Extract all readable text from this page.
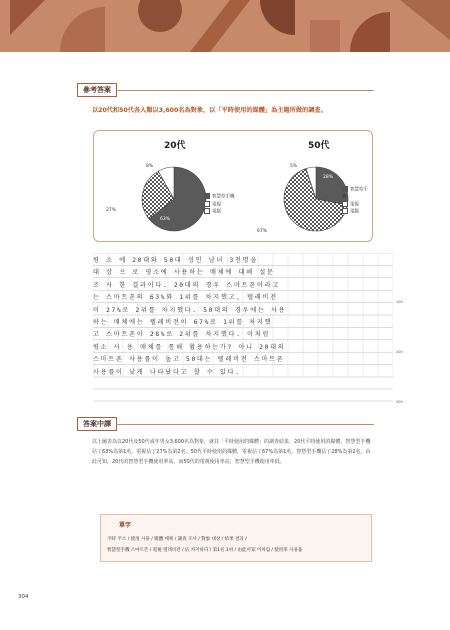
參考答案
以20代和50代各人類以3,600名為對象，以「平時使用的媒體」為主題所做的調查。
20代	50代
8%
27%
63%
5%
28%
67%
智慧型手機
電視
電腦
智慧型手機
電視
電腦
평 소 에 20대와 50대 성인 남녀 3천명을
대 상 으 로 평소에 사용하는 매체에 대해 설문
조 사 한 결과이다. 20대의 경우 스마트폰이라고
는 스마트폰의 63%와 1위를 차지했고, 텔레비전
이 27%로 2위를 차지했다. 50대의 경우에는 사용
하는 매체에는 텔레비전이 67%로 1위를 차지했
고 스마트폰이 28%로 2위를 차지했다. 이처럼
평소 사 용 매체를 통해 활용하는가? 아니 20대의
스마트폰 사용률이 높고 50대는 텔레비전 스마트폰
사용률이 낮게 나타났다고 할 수 있다.
100
200
300
答案中譯
以上圖表為以20代及50代成年男女3,600名為對象，就其「平時使用的媒體」的調查結果。20代平時使用的媒體，智慧型手機佔了63%為第1名，電視佔了27%為第2名。50代平時使用的媒體，電視佔了67%為第1名，智慧型手機佔了28%為第2名。由此可知，20代的智慧型手機使用率高，而50代的電視使用率高，智慧型手機使用率低。
單字
平時 平소 / 使用 사용 / 媒體 매체 / 調查 조사 / 對象 대상 / 結果 결과 /
智慧型手機 스마트폰 / 電視 텔레비전 / 佔 차지하다 / 第1名 1위 / 由此可知 이처럼 / 使用率 사용률
304
